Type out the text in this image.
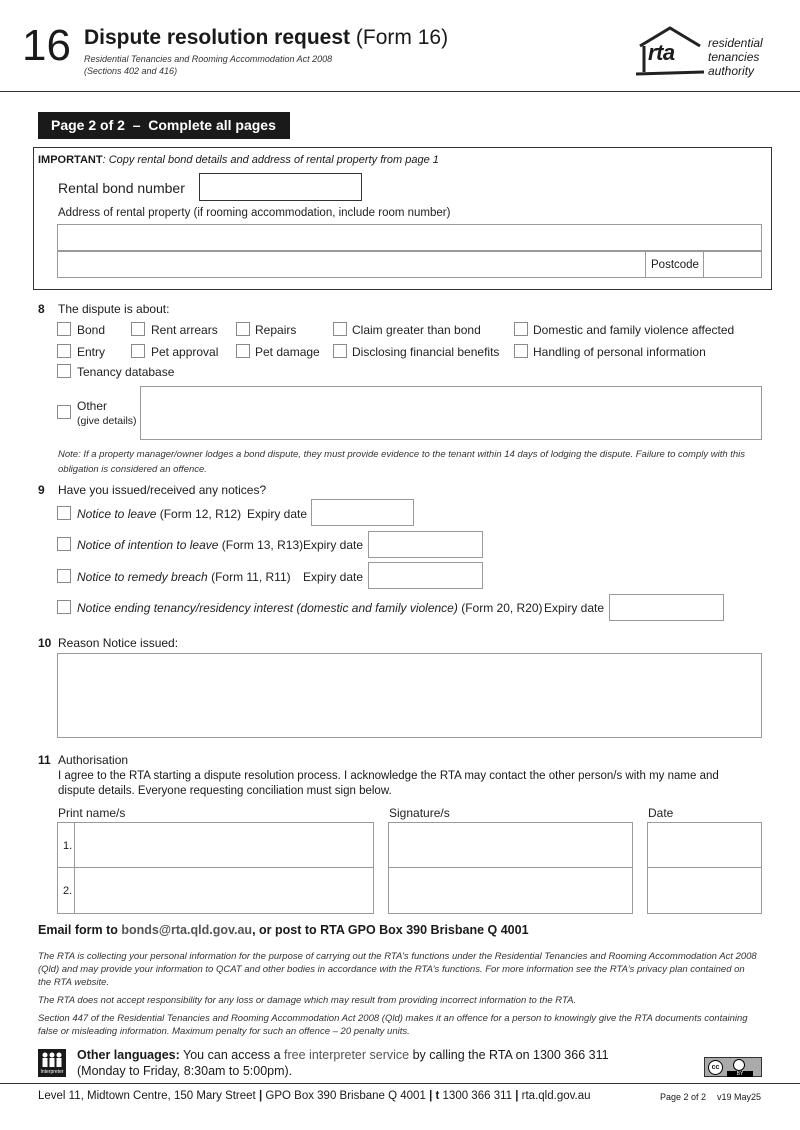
16 Dispute resolution request (Form 16)
Residential Tenancies and Rooming Accommodation Act 2008
(Sections 402 and 416)
rta	residential
tenancies
authority
Page 2 of 2  –  Complete all pages
IMPORTANT: Copy rental bond details and address of rental property from page 1
Rental bond number
Address of rental property (if rooming accommodation, include room number)
Postcode
8 The dispute is about:
Bond	Rent arrears	Repairs	Claim greater than bond	Domestic and family violence affected
Entry	Pet approval	Pet damage	Disclosing financial benefits	Handling of personal information
Tenancy database
Other
(give details)
Note: If a property manager/owner lodges a bond dispute, they must provide evidence to the tenant within 14 days of lodging the dispute. Failure to comply with this obligation is considered an offence.
9 Have you issued/received any notices?
Notice to leave (Form 12, R12) Expiry date
Notice of intention to leave (Form 13, R13) Expiry date
Notice to remedy breach (Form 11, R11) Expiry date
Notice ending tenancy/residency interest (domestic and family violence) (Form 20, R20) Expiry date
10 Reason Notice issued:
11 Authorisation
I agree to the RTA starting a dispute resolution process. I acknowledge the RTA may contact the other person/s with my name and dispute details. Everyone requesting conciliation must sign below.
Print name/s	Signature/s	Date
1.
2.
Email form to bonds@rta.qld.gov.au, or post to RTA GPO Box 390 Brisbane Q 4001
The RTA is collecting your personal information for the purpose of carrying out the RTA’s functions under the Residential Tenancies and Rooming Accommodation Act 2008 (Qld) and may provide your information to QCAT and other bodies in accordance with the RTA’s functions. For more information see the RTA’s privacy plan contained on the RTA website.
The RTA does not accept responsibility for any loss or damage which may result from providing incorrect information to the RTA.
Section 447 of the Residential Tenancies and Rooming Accommodation Act 2008 (Qld) makes it an offence for a person to knowingly give the RTA documents containing false or misleading information. Maximum penalty for such an offence – 20 penalty units.
Interpreter
Other languages: You can access a free interpreter service by calling the RTA on 1300 366 311
(Monday to Friday, 8:30am to 5:00pm).	cc
BY
Level 11, Midtown Centre, 150 Mary Street | GPO Box 390 Brisbane Q 4001 | t 1300 366 311 | rta.qld.gov.au	Page 2 of 2 v19 May25
